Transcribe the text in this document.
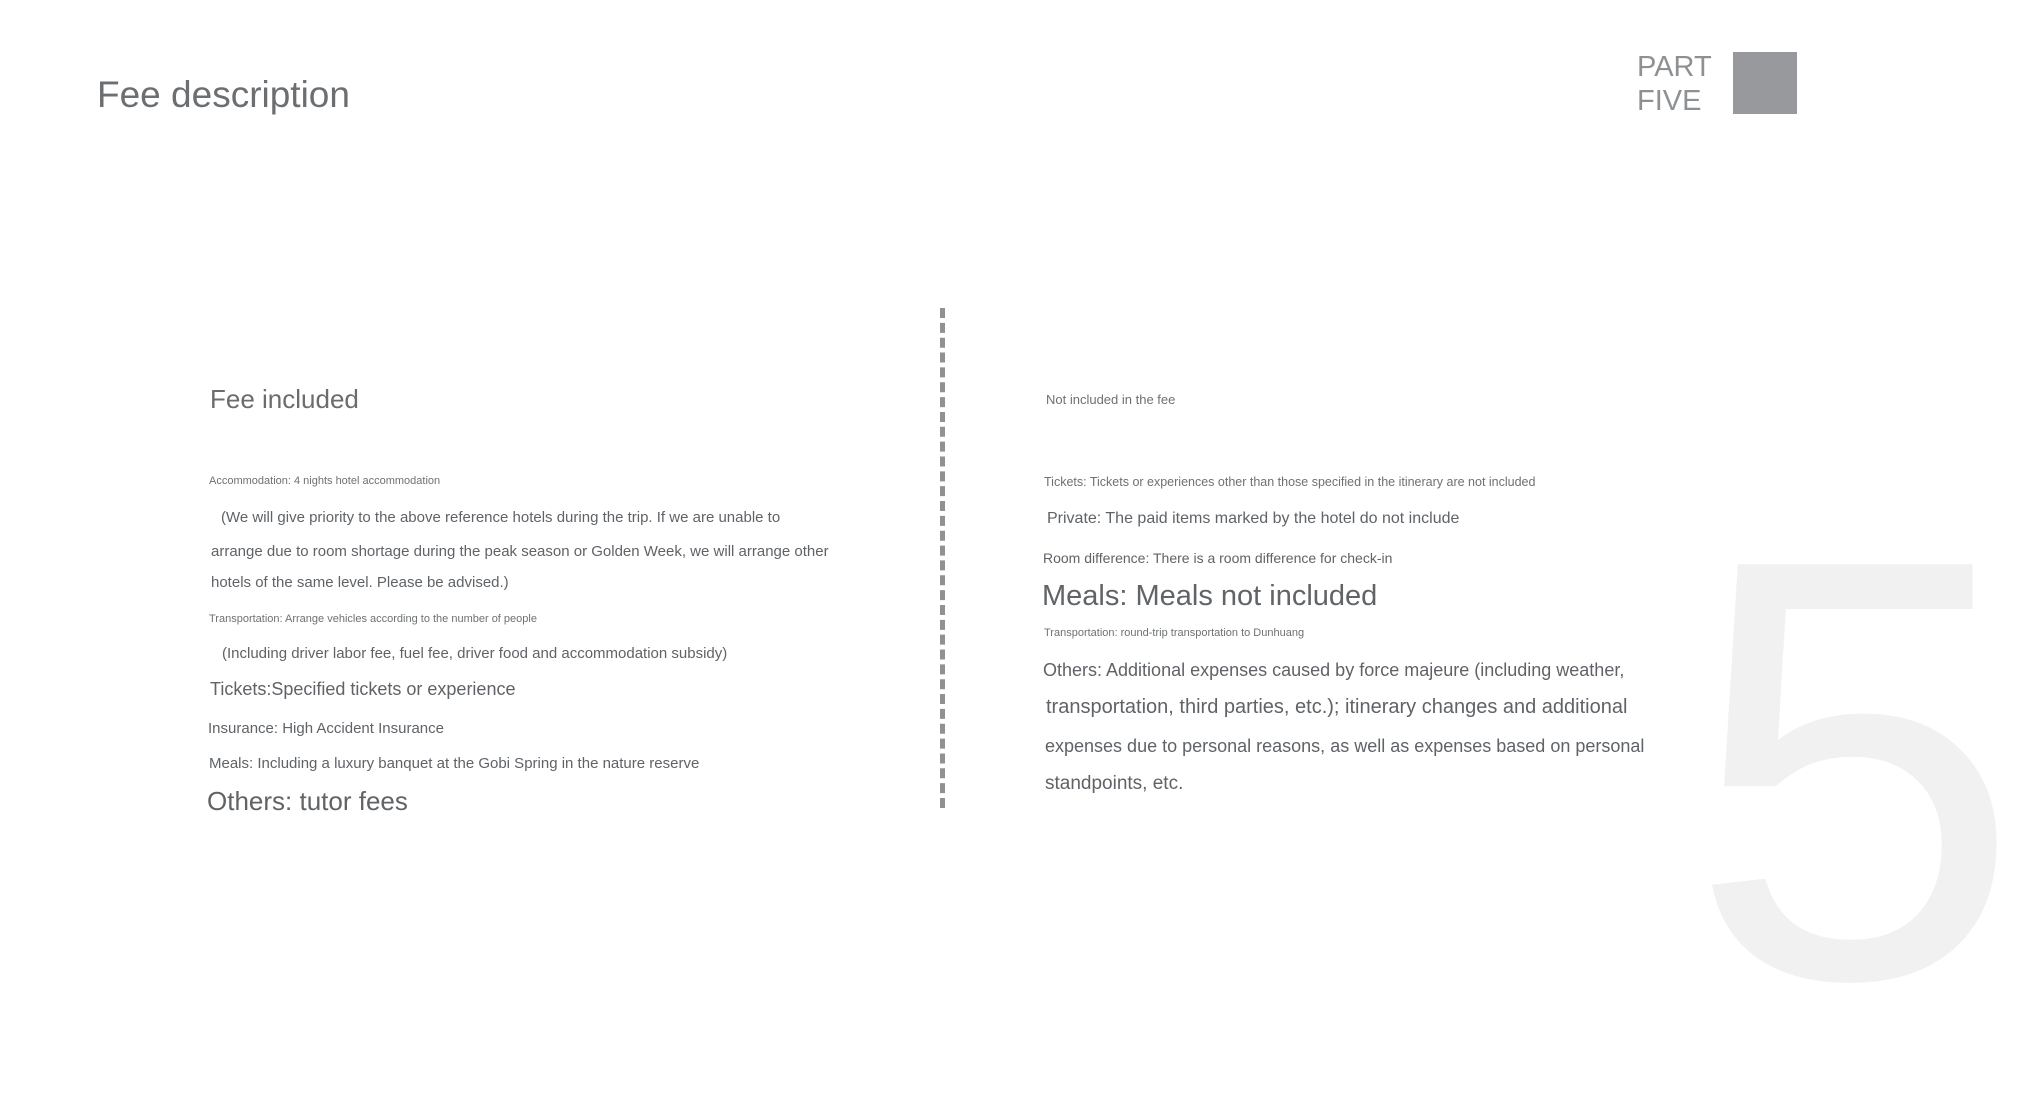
5
Fee description
PART
FIVE
Fee included
Accommodation: 4 nights hotel accommodation
(We will give priority to the above reference hotels during the trip. If we are unable to
arrange due to room shortage during the peak season or Golden Week, we will arrange other
hotels of the same level. Please be advised.)
Transportation: Arrange vehicles according to the number of people
(Including driver labor fee, fuel fee, driver food and accommodation subsidy)
Tickets:Specified tickets or experience
Insurance: High Accident Insurance
Meals: Including a luxury banquet at the Gobi Spring in the nature reserve
Others: tutor fees
Not included in the fee
Tickets: Tickets or experiences other than those specified in the itinerary are not included
Private: The paid items marked by the hotel do not include
Room difference: There is a room difference for check-in
Meals: Meals not included
Transportation: round-trip transportation to Dunhuang
Others: Additional expenses caused by force majeure (including weather,
transportation, third parties, etc.); itinerary changes and additional
expenses due to personal reasons, as well as expenses based on personal
standpoints, etc.
